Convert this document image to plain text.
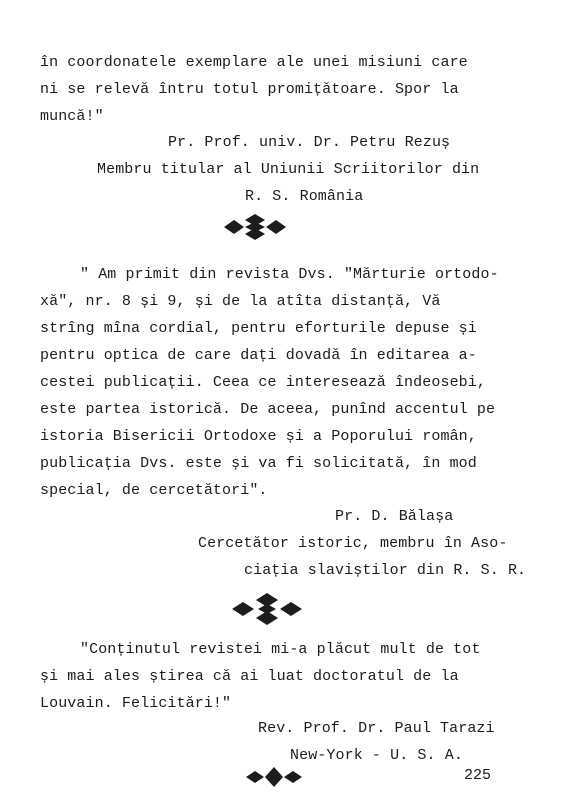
în coordonatele exemplare ale unei misiuni care
ni se relevă întru totul promițătoare. Spor la
muncă!"
Pr. Prof. univ. Dr. Petru Rezuș
Membru titular al Uniunii Scriitorilor din
R. S. România
" Am primit din revista Dvs. "Mărturie ortodo-
xă", nr. 8 și 9, și de la atîta distanță, Vă
strîng mîna cordial, pentru eforturile depuse și
pentru optica de care dați dovadă în editarea a-
cestei publicații. Ceea ce interesează îndeosebi,
este partea istorică. De aceea, punînd accentul pe
istoria Bisericii Ortodoxe și a Poporului român,
publicația Dvs. este și va fi solicitată, în mod
special, de cercetători".
Pr. D. Bălașa
Cercetător istoric, membru în Aso-
ciația slaviștilor din R. S. R.
"Conținutul revistei mi-a plăcut mult de tot
și mai ales știrea că ai luat doctoratul de la
Louvain. Felicitări!"
Rev. Prof. Dr. Paul Tarazi
New-York - U. S. A.
225
